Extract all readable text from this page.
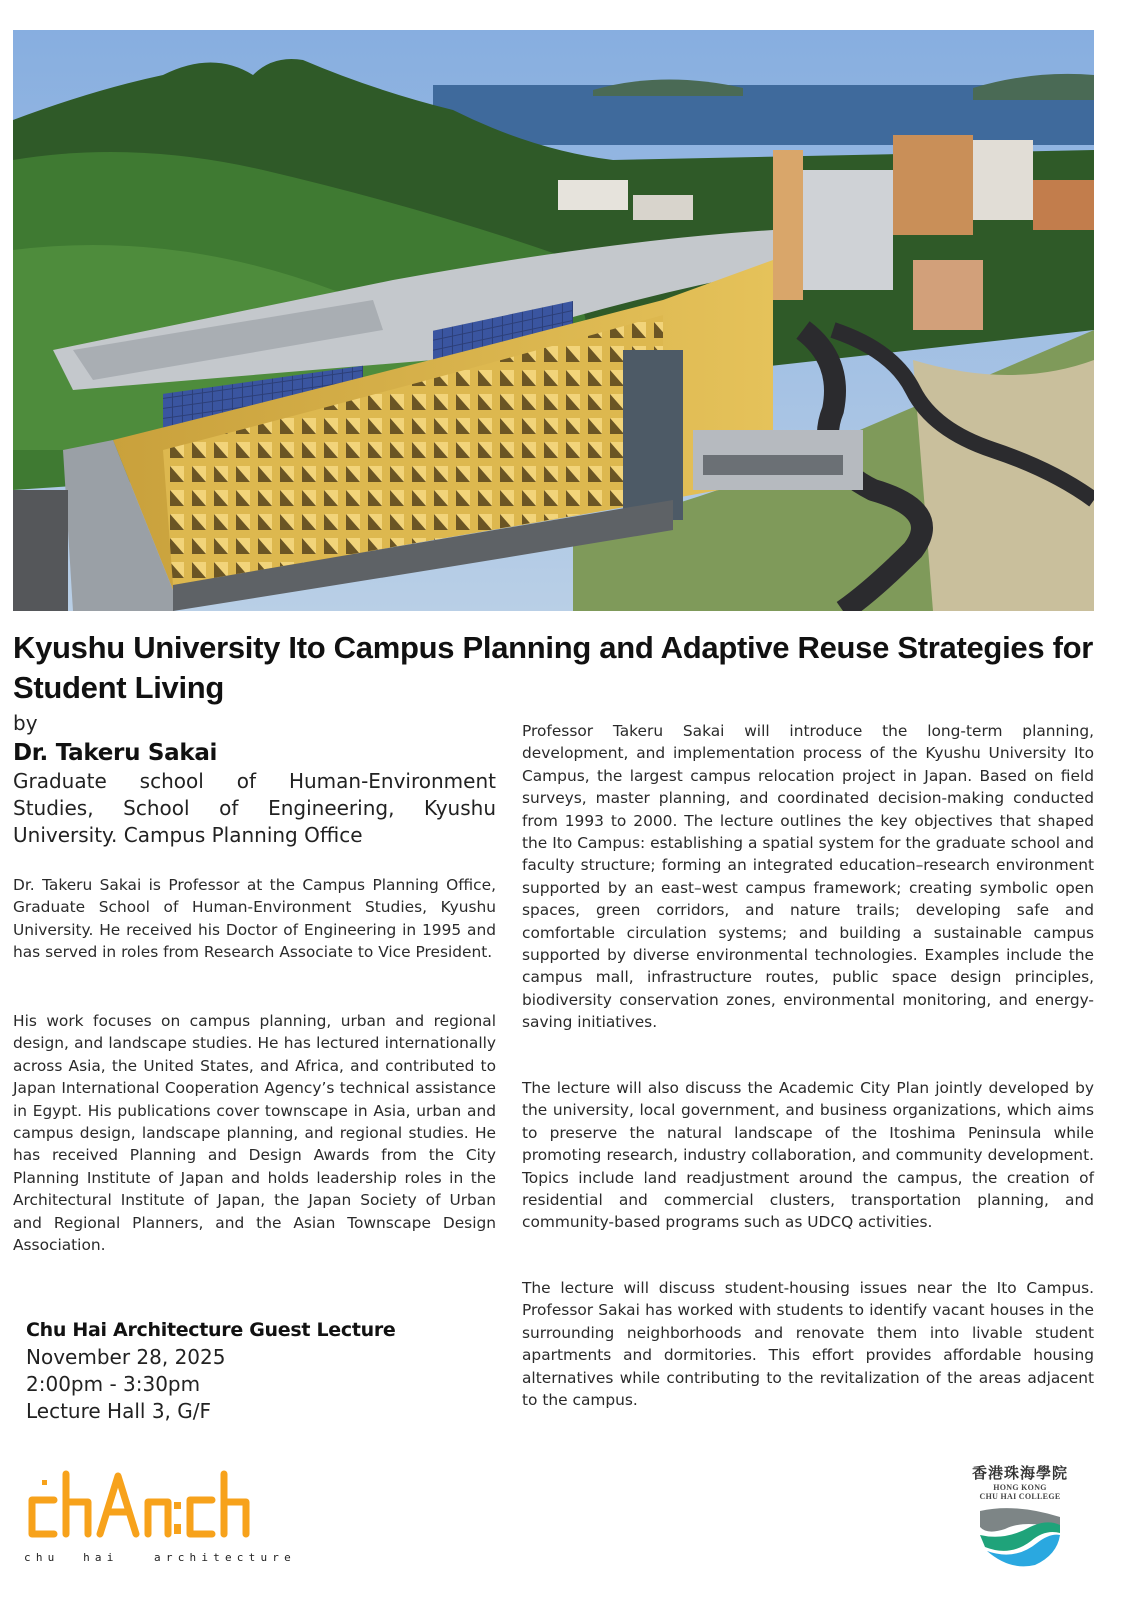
Kyushu University Ito Campus Planning and Adaptive Reuse Strategies for Student Living
by
Dr. Takeru Sakai

Graduate school of Human-Environment Studies, School of Engineering, Kyushu University. Campus Planning Office

Dr. Takeru Sakai is Professor at the Campus Planning Office, Graduate School of Human-Environment Studies, Kyushu University. He received his Doctor of Engineering in 1995 and has served in roles from Research Associate to Vice President.

His work focuses on campus planning, urban and regional design, and landscape studies. He has lectured internationally across Asia, the United States, and Africa, and contributed to Japan International Cooperation Agency’s technical assistance in Egypt. His publications cover townscape in Asia, urban and campus design, landscape planning, and regional studies. He has received Planning and Design Awards from the City Planning Institute of Japan and holds leadership roles in the Architectural Institute of Japan, the Japan Society of Urban and Regional Planners, and the Asian Townscape Design Association.

Professor Takeru Sakai will introduce the long-term planning, development, and implementation process of the Kyushu University Ito Campus, the largest campus relocation project in Japan. Based on field surveys, master planning, and coordinated decision-making conducted from 1993 to 2000. The lecture outlines the key objectives that shaped the Ito Campus: establishing a spatial system for the graduate school and faculty structure; forming an integrated education–research environment supported by an east–west campus framework; creating symbolic open spaces, green corridors, and nature trails; developing safe and comfortable circulation systems; and building a sustainable campus supported by diverse environmental technologies. Examples include the campus mall, infrastructure routes, public space design principles, biodiversity conservation zones, environmental monitoring, and energy-saving initiatives.

The lecture will also discuss the Academic City Plan jointly developed by the university, local government, and business organizations, which aims to preserve the natural landscape of the Itoshima Peninsula while promoting research, industry collaboration, and community development. Topics include land readjustment around the campus, the creation of residential and commercial clusters, transportation planning, and community-based programs such as UDCQ activities.

The lecture will discuss student-housing issues near the Ito Campus. Professor Sakai has worked with students to identify vacant houses in the surrounding neighborhoods and renovate them into livable student apartments and dormitories. This effort provides affordable housing alternatives while contributing to the revitalization of the areas adjacent to the campus.

Chu Hai Architecture Guest Lecture
November 28, 2025
2:00pm - 3:30pm
Lecture Hall 3, G/F
chu  hai   architecture
香港珠海學院
HONG KONG
CHU HAI COLLEGE
